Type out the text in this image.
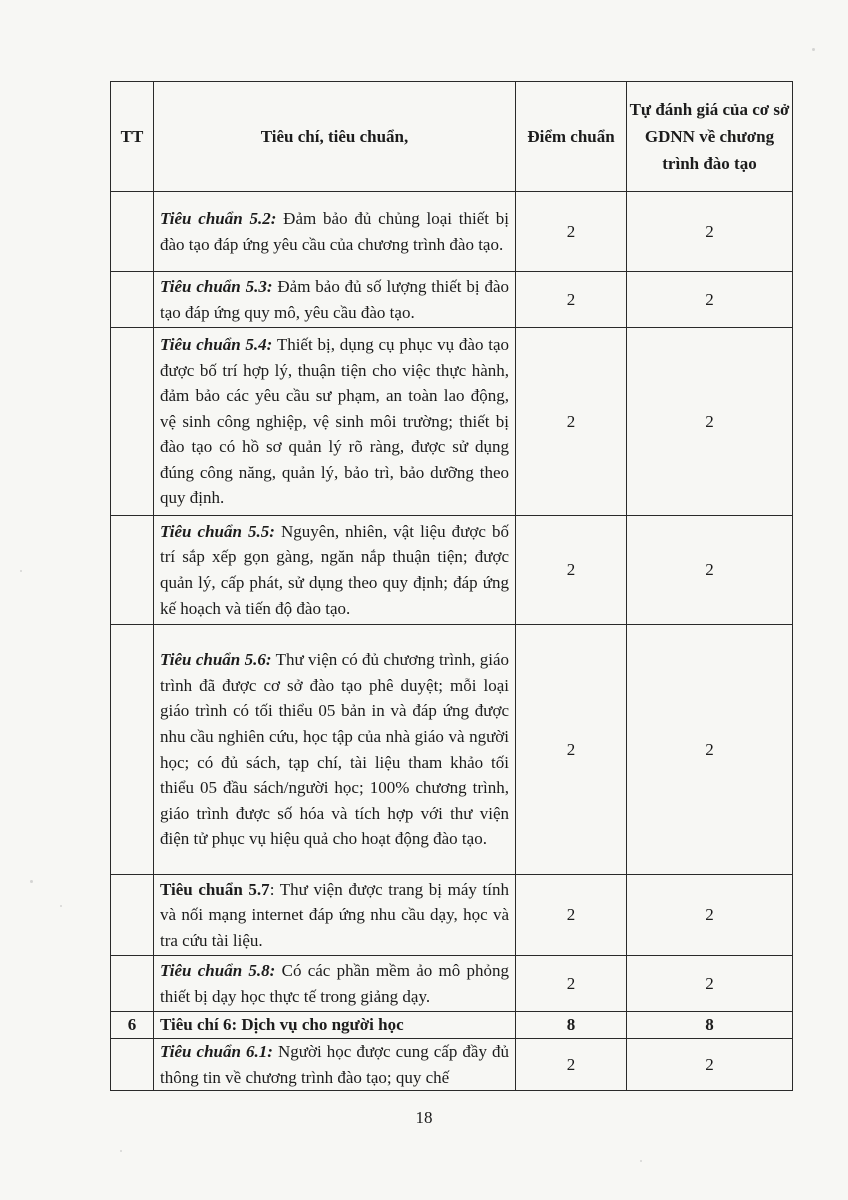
TT	Tiêu chí, tiêu chuẩn,	Điểm chuẩn	Tự đánh giá của cơ sở GDNN về chương trình đào tạo
	Tiêu chuẩn 5.2: Đảm bảo đủ chủng loại thiết bị đào tạo đáp ứng yêu cầu của chương trình đào tạo.	2	2
	Tiêu chuẩn 5.3: Đảm bảo đủ số lượng thiết bị đào tạo đáp ứng quy mô, yêu cầu đào tạo.	2	2
	Tiêu chuẩn 5.4: Thiết bị, dụng cụ phục vụ đào tạo được bố trí hợp lý, thuận tiện cho việc thực hành, đảm bảo các yêu cầu sư phạm, an toàn lao động, vệ sinh công nghiệp, vệ sinh môi trường; thiết bị đào tạo có hồ sơ quản lý rõ ràng, được sử dụng đúng công năng, quản lý, bảo trì, bảo dưỡng theo quy định.	2	2
	Tiêu chuẩn 5.5: Nguyên, nhiên, vật liệu được bố trí sắp xếp gọn gàng, ngăn nắp thuận tiện; được quản lý, cấp phát, sử dụng theo quy định; đáp ứng kế hoạch và tiến độ đào tạo.	2	2
	Tiêu chuẩn 5.6: Thư viện có đủ chương trình, giáo trình đã được cơ sở đào tạo phê duyệt; mỗi loại giáo trình có tối thiểu 05 bản in và đáp ứng được nhu cầu nghiên cứu, học tập của nhà giáo và người học; có đủ sách, tạp chí, tài liệu tham khảo tối thiểu 05 đầu sách/người học; 100% chương trình, giáo trình được số hóa và tích hợp với thư viện điện tử phục vụ hiệu quả cho hoạt động đào tạo.	2	2
	Tiêu chuẩn 5.7: Thư viện được trang bị máy tính và nối mạng internet đáp ứng nhu cầu dạy, học và tra cứu tài liệu.	2	2
	Tiêu chuẩn 5.8: Có các phần mềm ảo mô phỏng thiết bị dạy học thực tế trong giảng dạy.	2	2
6	Tiêu chí 6: Dịch vụ cho người học	8	8
	Tiêu chuẩn 6.1: Người học được cung cấp đầy đủ thông tin về chương trình đào tạo; quy chế	2	2
18
